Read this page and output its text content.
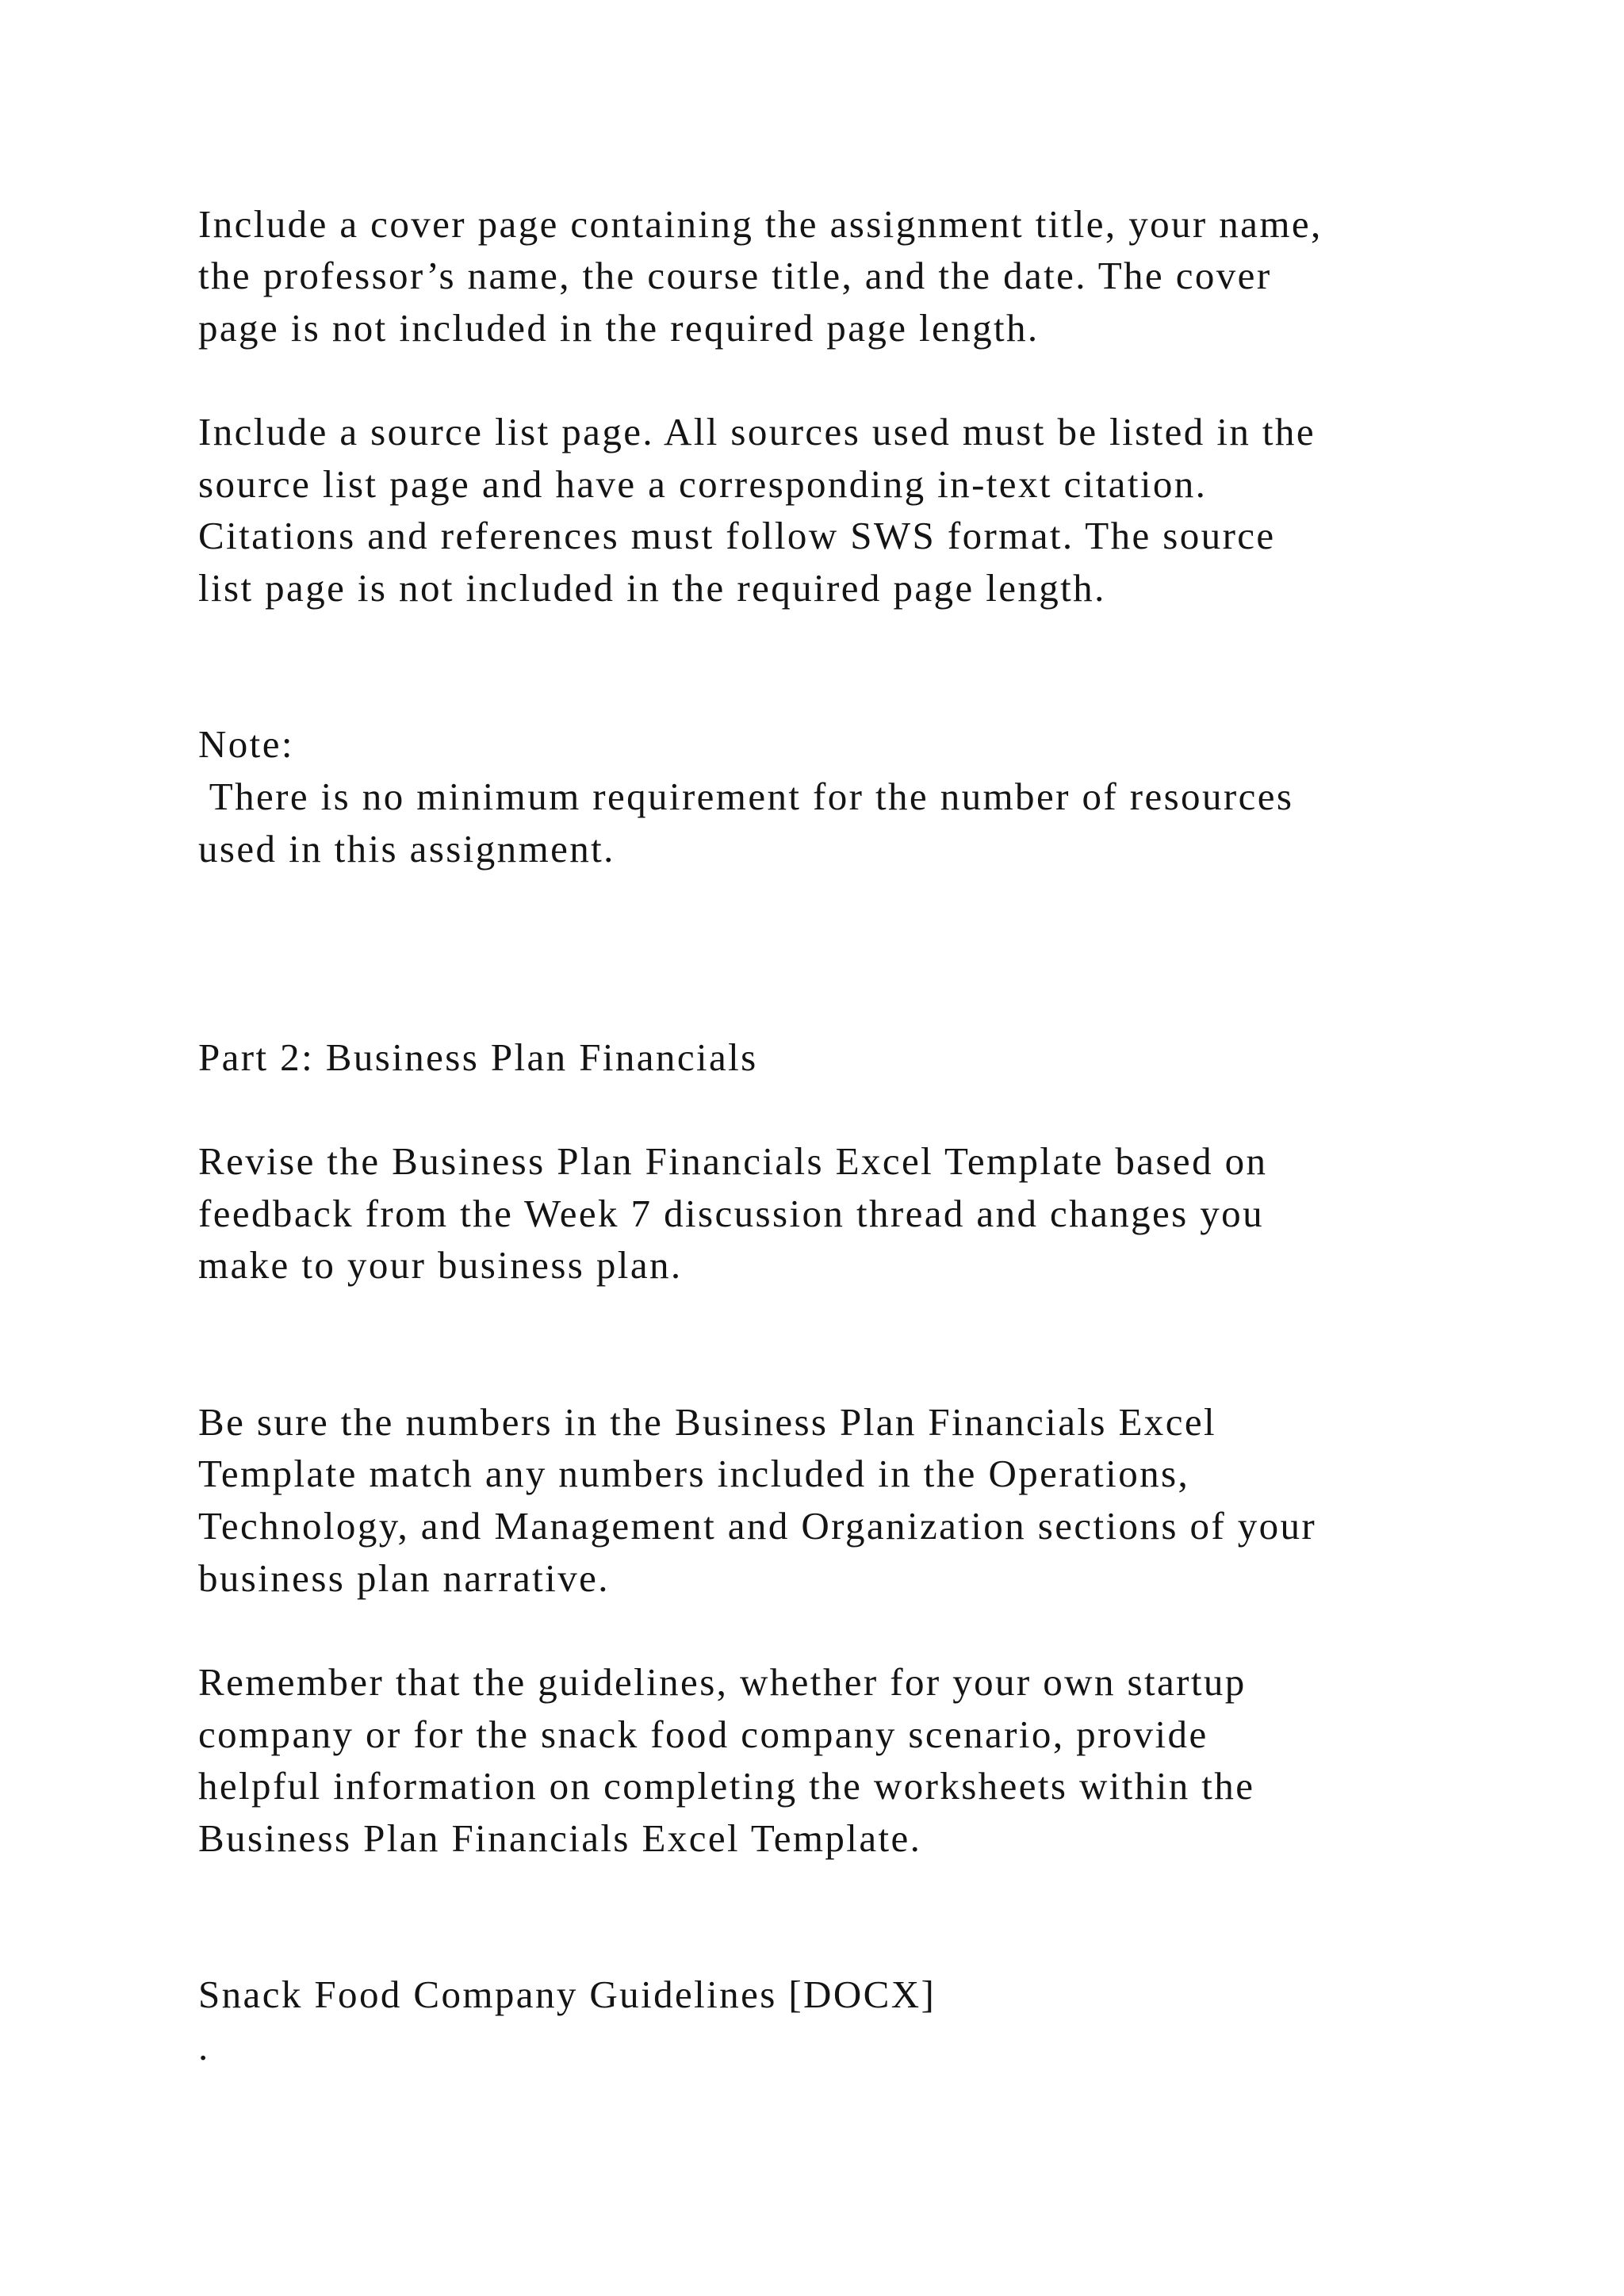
Include a cover page containing the assignment title, your name,

the professor’s name, the course title, and the date. The cover

page is not included in the required page length.

Include a source list page. All sources used must be listed in the

source list page and have a corresponding in-text citation.

Citations and references must follow SWS format. The source

list page is not included in the required page length.

Note:

There is no minimum requirement for the number of resources

used in this assignment.

Part 2: Business Plan Financials

Revise the Business Plan Financials Excel Template based on

feedback from the Week 7 discussion thread and changes you

make to your business plan.

Be sure the numbers in the Business Plan Financials Excel

Template match any numbers included in the Operations,

Technology, and Management and Organization sections of your

business plan narrative.

Remember that the guidelines, whether for your own startup

company or for the snack food company scenario, provide

helpful information on completing the worksheets within the

Business Plan Financials Excel Template.

Snack Food Company Guidelines [DOCX]

.
